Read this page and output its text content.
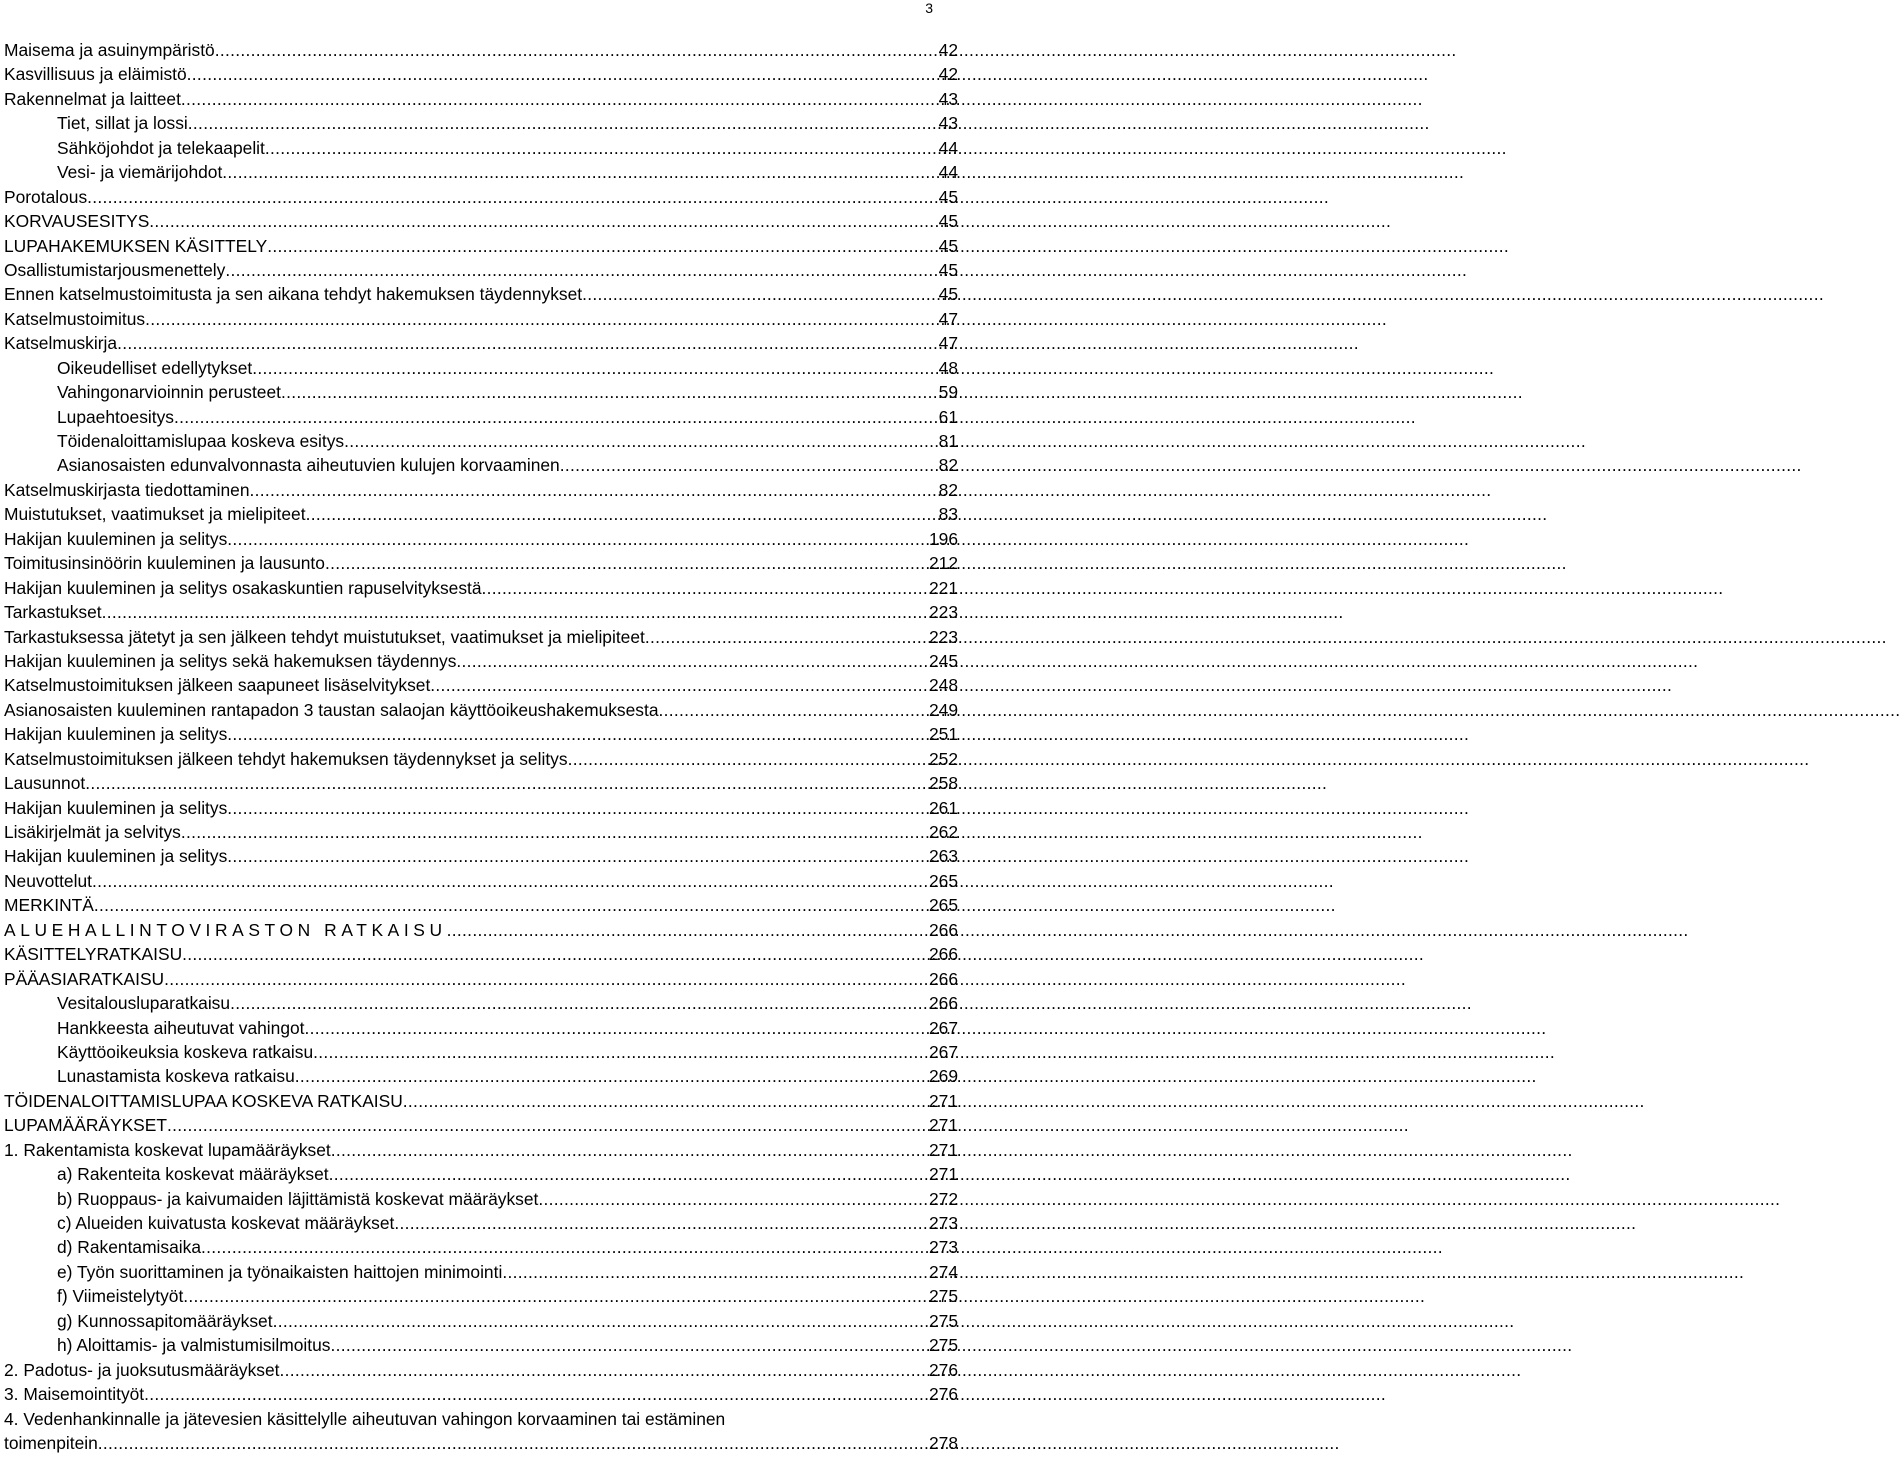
3
Maisema ja asuinympäristö .....	42
Kasvillisuus ja eläimistö .....	42
Rakennelmat ja laitteet .....	43
Tiet, sillat ja lossi .....	43
Sähköjohdot ja telekaapelit .....	44
Vesi- ja viemärijohdot .....	44
Porotalous .....	45
KORVAUSESITYS .....	45
LUPAHAKEMUKSEN KÄSITTELY .....	45
Osallistumistarjousmenettely .....	45
Ennen katselmustoimitusta ja sen aikana tehdyt hakemuksen täydennykset .....	45
Katselmustoimitus .....	47
Katselmuskirja .....	47
Oikeudelliset edellytykset .....	48
Vahingonarvioinnin perusteet .....	59
Lupaehtoesitys .....	61
Töidenaloittamislupaa koskeva esitys .....	81
Asianosaisten edunvalvonnasta aiheutuvien kulujen korvaaminen .....	82
Katselmuskirjasta tiedottaminen .....	82
Muistutukset, vaatimukset ja mielipiteet .....	83
Hakijan kuuleminen ja selitys .....	196
Toimitusinsinöörin kuuleminen ja lausunto .....	212
Hakijan kuuleminen ja selitys osakaskuntien rapuselvityksestä .....	221
Tarkastukset .....	223
Tarkastuksessa jätetyt ja sen jälkeen tehdyt muistutukset, vaatimukset ja mielipiteet .....	223
Hakijan kuuleminen ja selitys sekä hakemuksen täydennys .....	245
Katselmustoimituksen jälkeen saapuneet lisäselvitykset .....	248
Asianosaisten kuuleminen rantapadon 3 taustan salaojan käyttöoikeushakemuksesta .....	249
Hakijan kuuleminen ja selitys .....	251
Katselmustoimituksen jälkeen tehdyt hakemuksen täydennykset ja selitys .....	252
Lausunnot .....	258
Hakijan kuuleminen ja selitys .....	261
Lisäkirjelmät ja selvitys .....	262
Hakijan kuuleminen ja selitys .....	263
Neuvottelut .....	265
MERKINTÄ .....	265
ALUEHALLINTOVIRASTON RATKAISU .....	266
KÄSITTELYRATKAISU .....	266
PÄÄASIARATKAISU .....	266
Vesitalousluparatkaisu .....	266
Hankkeesta aiheutuvat vahingot .....	267
Käyttöoikeuksia koskeva ratkaisu .....	267
Lunastamista koskeva ratkaisu .....	269
TÖIDENALOITTAMISLUPAA KOSKEVA RATKAISU .....	271
LUPAMÄÄRÄYKSET .....	271
1. Rakentamista koskevat lupamääräykset .....	271
a) Rakenteita koskevat määräykset .....	271
b) Ruoppaus- ja kaivumaiden läjittämistä koskevat määräykset .....	272
c) Alueiden kuivatusta koskevat määräykset .....	273
d) Rakentamisaika .....	273
e) Työn suorittaminen ja työnaikaisten haittojen minimointi .....	274
f) Viimeistelytyöt .....	275
g) Kunnossapitomääräykset .....	275
h) Aloittamis- ja valmistumisilmoitus .....	275
2. Padotus- ja juoksutusmääräykset .....	276
3. Maisemointityöt .....	276
4. Vedenhankinnalle ja jätevesien käsittelylle aiheutuvan vahingon korvaaminen tai estäminen
toimenpitein .....	278
